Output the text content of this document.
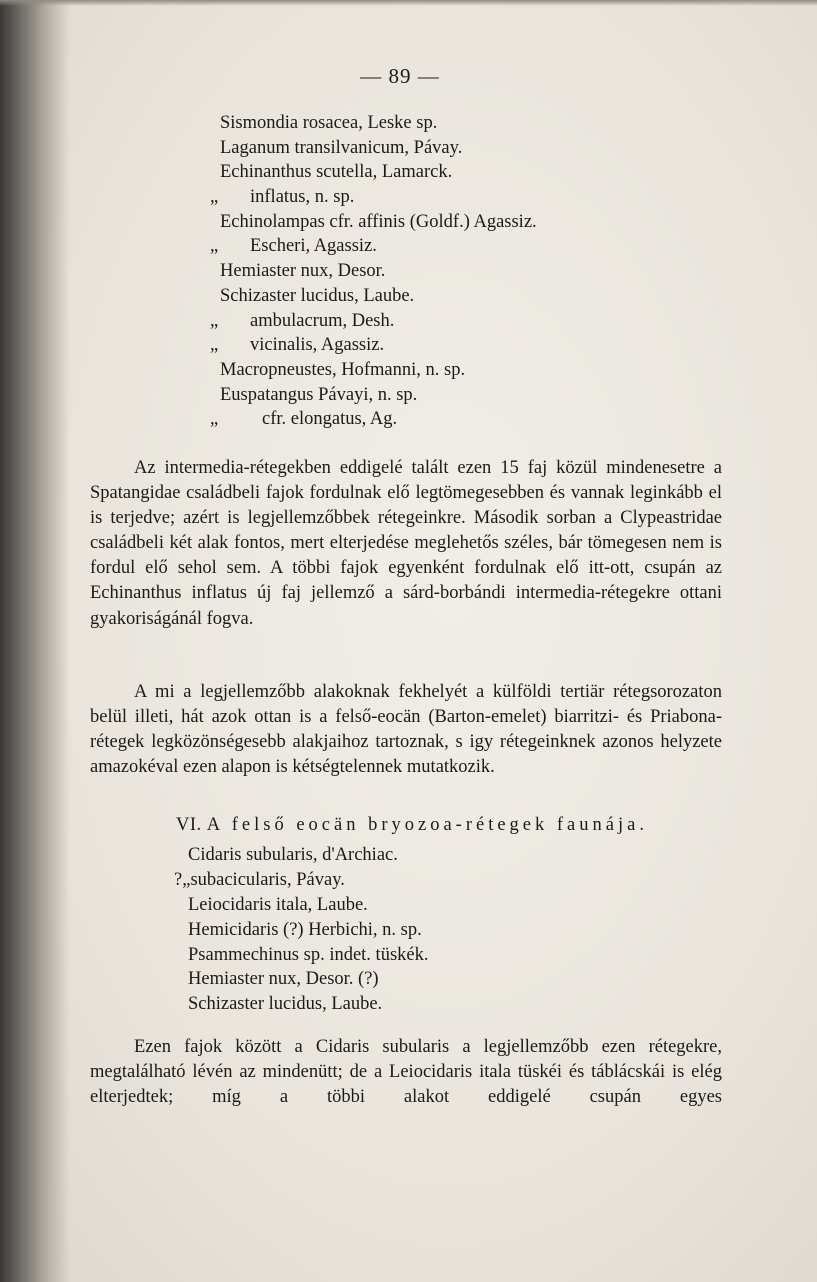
— 89 —
Sismondia rosacea, Leske sp.
Laganum transilvanicum, Pávay.
Echinanthus scutella, Lamarck.
„ inflatus, n. sp.
Echinolampas cfr. affinis (Goldf.) Agassiz.
„ Escheri, Agassiz.
Hemiaster nux, Desor.
Schizaster lucidus, Laube.
„ ambulacrum, Desh.
„ vicinalis, Agassiz.
Macropneustes, Hofmanni, n. sp.
Euspatangus Pávayi, n. sp.
„ cfr. elongatus, Ag.

Az intermedia-rétegekben eddigelé talált ezen 15 faj közül mindenesetre a Spatangidae családbeli fajok fordulnak elő legtömegesebben és vannak leginkább el is terjedve; azért is legjellemzőbbek rétegeinkre. Második sorban a Clypeastridae családbeli két alak fontos, mert elterjedése meglehetős széles, bár tömegesen nem is fordul elő sehol sem. A többi fajok egyenként fordulnak elő itt-ott, csupán az Echinanthus inflatus új faj jellemző a sárd-borbándi intermedia-rétegekre ottani gyakoriságánál fogva.

A mi a legjellemzőbb alakoknak fekhelyét a külföldi tertiär rétegsorozaton belül illeti, hát azok ottan is a felső-eocän (Barton-emelet) biarritzi- és Priabona-rétegek legközönségesebb alakjaihoz tartoznak, s igy rétegeinknek azonos helyzete amazokéval ezen alapon is kétségtelennek mutatkozik.

VI. A felső eocän bryozoa-rétegek faunája.
Cidaris subularis, d'Archiac.
?„subacicularis, Pávay.
Leiocidaris itala, Laube.
Hemicidaris (?) Herbichi, n. sp.
Psammechinus sp. indet. tüskék.
Hemiaster nux, Desor. (?)
Schizaster lucidus, Laube.

Ezen fajok között a Cidaris subularis a legjellemzőbb ezen rétegekre, megtalálható lévén az mindenütt; de a Leiocidaris itala tüskéi és táblácskái is elég elterjedtek; míg a többi alakot eddigelé csupán egyes
